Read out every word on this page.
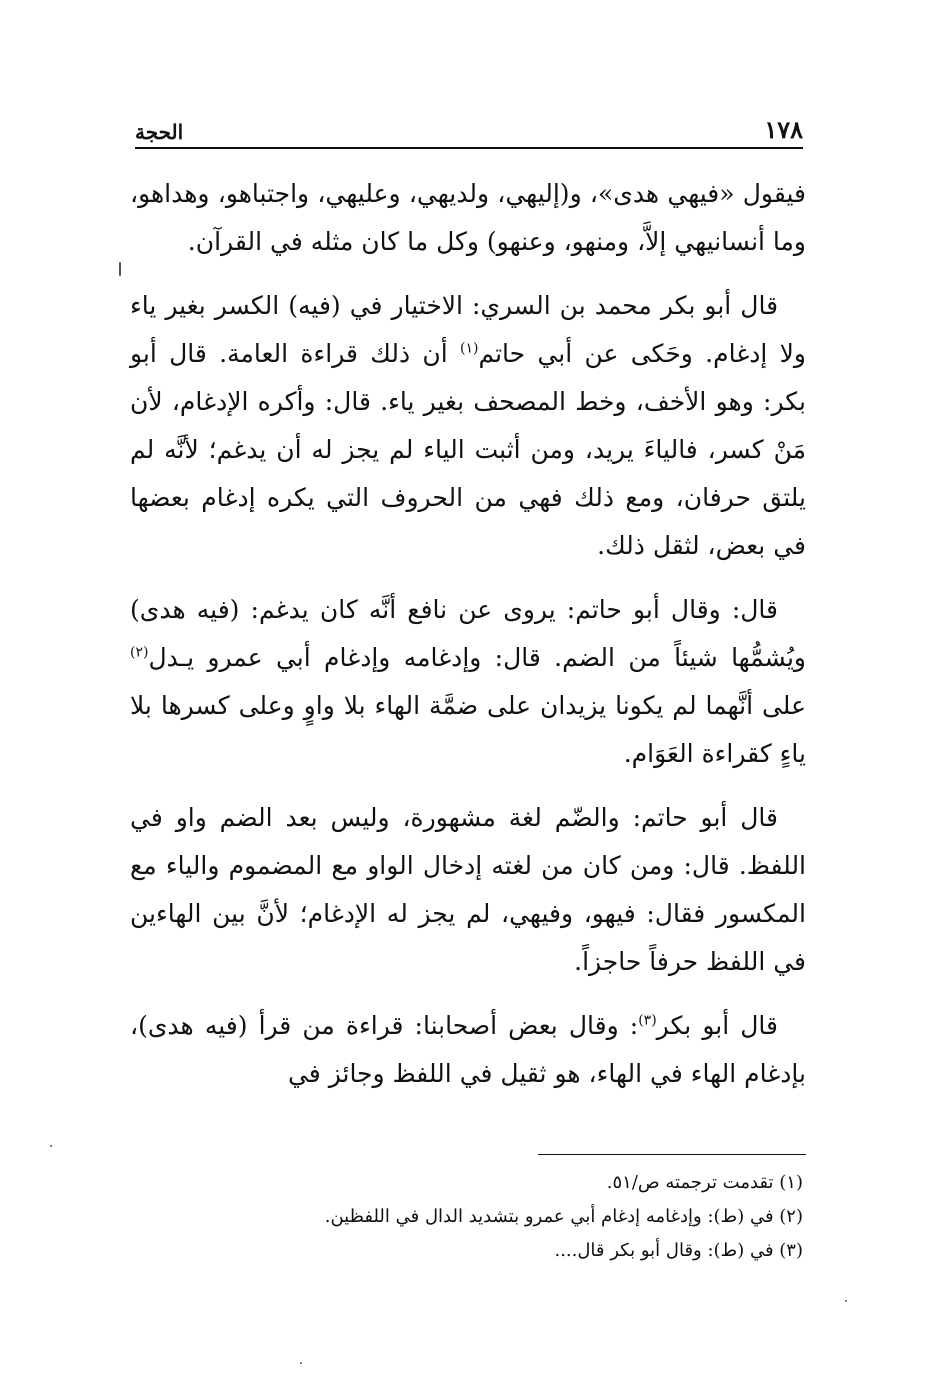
١٧٨
الحجة

فيقول «فيهي هدى»، و(إليهي، ولديهي، وعليهي، واجتباهو، وهداهو، وما أنسانيهي إلاَّ، ومنهو، وعنهو) وكل ما كان مثله في القرآن.

قال أبو بكر محمد بن السري: الاختيار في (فيه) الكسر بغير ياء ولا إدغام. وحَكى عن أبي حاتم$^{(١)}$ أن ذلك قراءة العامة. قال أبو بكر: وهو الأخف، وخط المصحف بغير ياء. قال: وأكره الإدغام، لأن مَنْ كسر، فالياءَ يريد، ومن أثبت الياء لم يجز له أن يدغم؛ لأنَّه لم يلتق حرفان، ومع ذلك فهي من الحروف التي يكره إدغام بعضها في بعض، لثقل ذلك.

قال: وقال أبو حاتم: يروى عن نافع أنَّه كان يدغم: (فيه هدى) ويُشمُّها شيئاً من الضم. قال: وإدغامه وإدغام أبي عمرو يـدل$^{(٢)}$ على أنَّهما لم يكونا يزيدان على ضمَّة الهاء بلا واوٍ وعلى كسرها بلا ياءٍ كقراءة العَوَام.

قال أبو حاتم: والضّم لغة مشهورة، وليس بعد الضم واو في اللفظ. قال: ومن كان من لغته إدخال الواو مع المضموم والياء مع المكسور فقال: فيهو، وفيهي، لم يجز له الإدغام؛ لأنَّ بين الهاءين في اللفظ حرفاً حاجزاً.

قال أبو بكر$^{(٣)}$: وقال بعض أصحابنا: قراءة من قرأ (فيه هدى)، بإدغام الهاء في الهاء، هو ثقيل في اللفظ وجائز في

(١) تقدمت ترجمته ص/٥١.

(٢) في (ط): وإدغامه إدغام أبي عمرو بتشديد الدال في اللفظين.

(٣) في (ط): وقال أبو بكر قال....
